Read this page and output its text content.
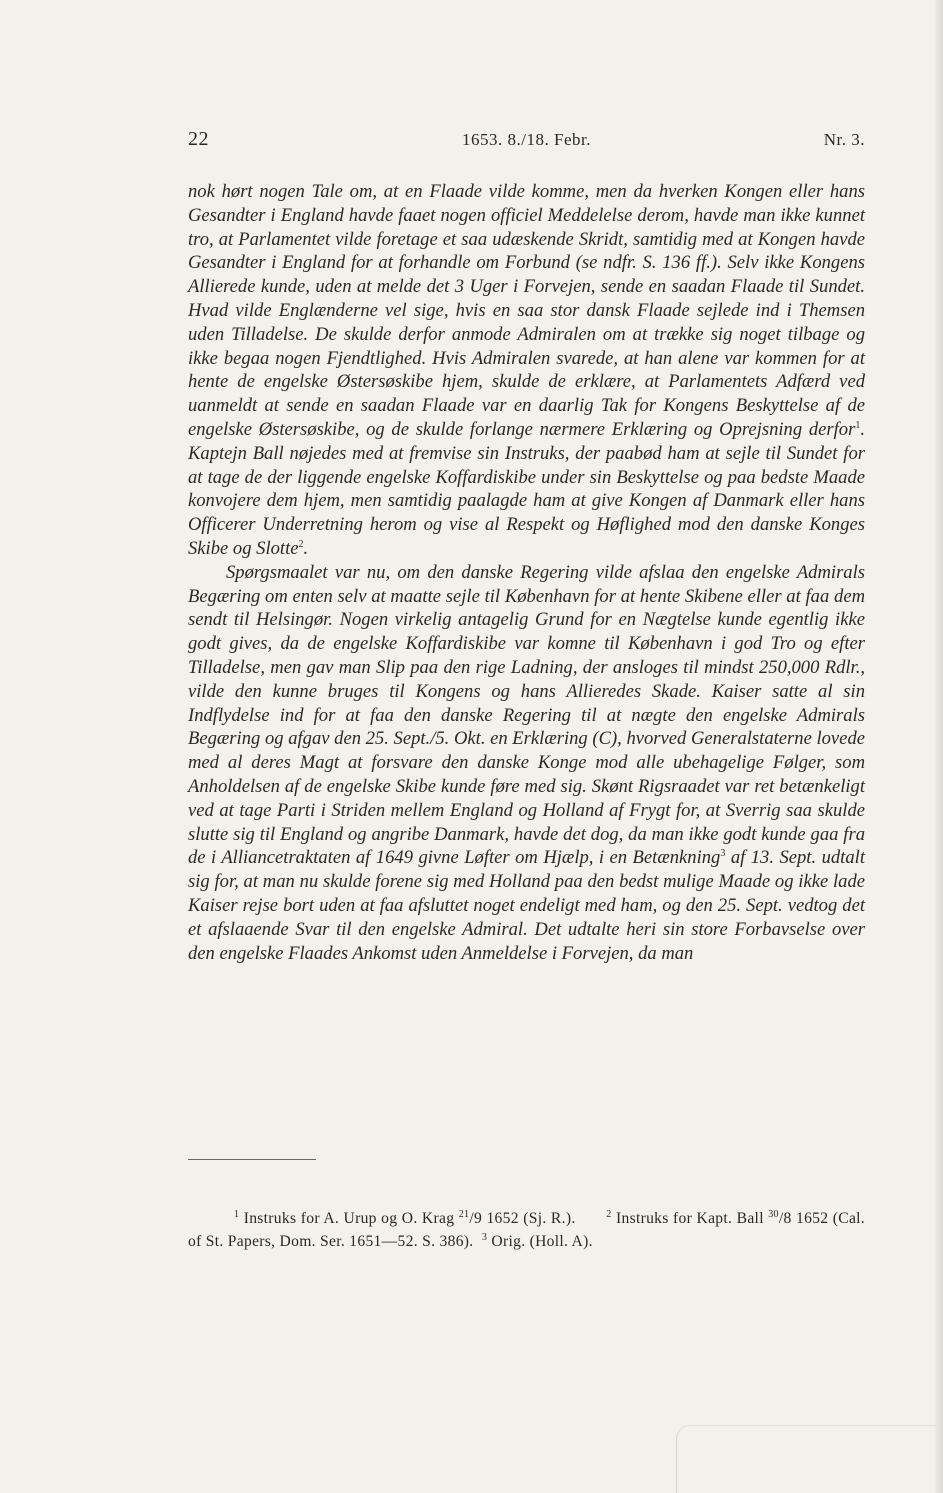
22	1653. 8./18. Febr.	Nr. 3.

nok hørt nogen Tale om, at en Flaade vilde komme, men da hverken Kongen eller hans Gesandter i England havde faaet nogen officiel Meddelelse derom, havde man ikke kunnet tro, at Parlamentet vilde foretage et saa udæskende Skridt, samtidig med at Kongen havde Gesandter i England for at forhandle om Forbund (se ndfr. S. 136 ff.). Selv ikke Kongens Allierede kunde, uden at melde det 3 Uger i Forvejen, sende en saadan Flaade til Sundet. Hvad vilde Englænderne vel sige, hvis en saa stor dansk Flaade sejlede ind i Themsen uden Tilladelse. De skulde derfor anmode Admiralen om at trække sig noget tilbage og ikke begaa nogen Fjendtlighed. Hvis Admiralen svarede, at han alene var kommen for at hente de engelske Østersøskibe hjem, skulde de erklære, at Parlamentets Adfærd ved uanmeldt at sende en saadan Flaade var en daarlig Tak for Kongens Beskyttelse af de engelske Østersøskibe, og de skulde forlange nærmere Erklæring og Oprejsning derfor$^1$. Kaptejn Ball nøjedes med at fremvise sin Instruks, der paabød ham at sejle til Sundet for at tage de der liggende engelske Koffardiskibe under sin Beskyttelse og paa bedste Maade konvojere dem hjem, men samtidig paalagde ham at give Kongen af Danmark eller hans Officerer Underretning herom og vise al Respekt og Høflighed mod den danske Konges Skibe og Slotte$^2$.

Spørgsmaalet var nu, om den danske Regering vilde afslaa den engelske Admirals Begæring om enten selv at maatte sejle til København for at hente Skibene eller at faa dem sendt til Helsingør. Nogen virkelig antagelig Grund for en Nægtelse kunde egentlig ikke godt gives, da de engelske Koffardiskibe var komne til København i god Tro og efter Tilladelse, men gav man Slip paa den rige Ladning, der ansloges til mindst 250,000 Rdlr., vilde den kunne bruges til Kongens og hans Allieredes Skade. Kaiser satte al sin Indflydelse ind for at faa den danske Regering til at nægte den engelske Admirals Begæring og afgav den 25. Sept./5. Okt. en Erklæring (C), hvorved Generalstaterne lovede med al deres Magt at forsvare den danske Konge mod alle ubehagelige Følger, som Anholdelsen af de engelske Skibe kunde føre med sig. Skønt Rigsraadet var ret betænkeligt ved at tage Parti i Striden mellem England og Holland af Frygt for, at Sverrig saa skulde slutte sig til England og angribe Danmark, havde det dog, da man ikke godt kunde gaa fra de i Alliancetraktaten af 1649 givne Løfter om Hjælp, i en Betænkning$^3$ af 13. Sept. udtalt sig for, at man nu skulde forene sig med Holland paa den bedst mulige Maade og ikke lade Kaiser rejse bort uden at faa afsluttet noget endeligt med ham, og den 25. Sept. vedtog det et afslaaende Svar til den engelske Admiral. Det udtalte heri sin store Forbavselse over den engelske Flaades Ankomst uden Anmeldelse i Forvejen, da man

$^1$ Instruks for A. Urup og O. Krag $^{21}$/9 1652 (Sj. R.).	$^2$ Instruks for Kapt. Ball $^{30}$/8 1652 (Cal. of St. Papers, Dom. Ser. 1651—52. S. 386). $^3$ Orig. (Holl. A).
